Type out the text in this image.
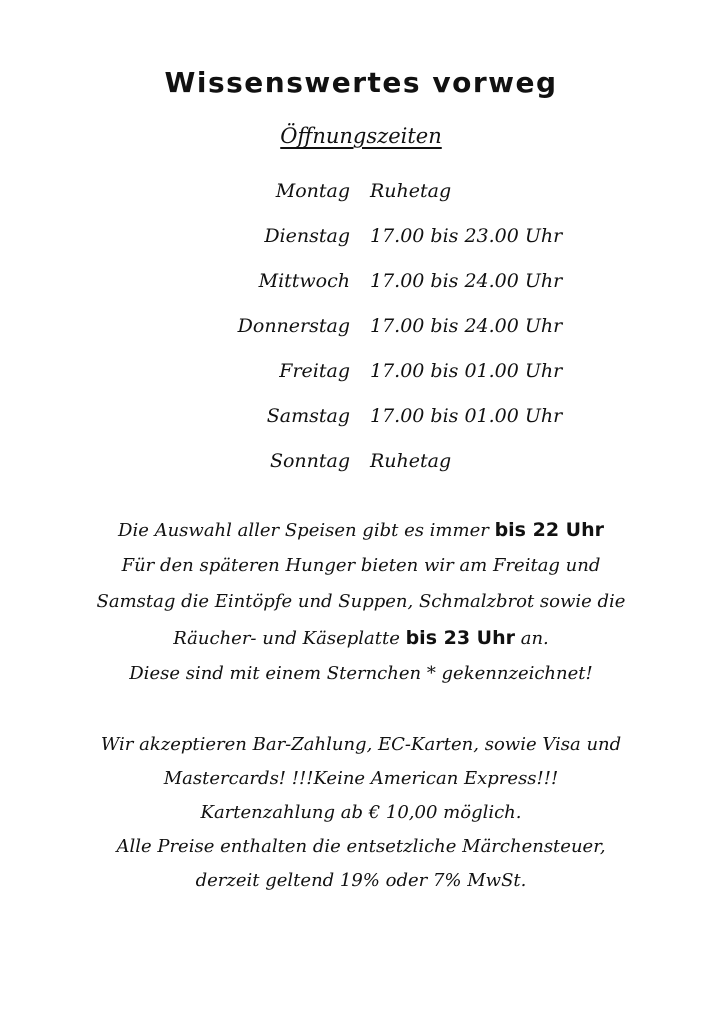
Wissenswertes vorweg
Öffnungszeiten
Montag Ruhetag
Dienstag 17.00 bis 23.00 Uhr
Mittwoch 17.00 bis 24.00 Uhr
Donnerstag 17.00 bis 24.00 Uhr
Freitag 17.00 bis 01.00 Uhr
Samstag 17.00 bis 01.00 Uhr
Sonntag Ruhetag
Die Auswahl aller Speisen gibt es immer bis 22 Uhr
Für den späteren Hunger bieten wir am Freitag und
Samstag die Eintöpfe und Suppen, Schmalzbrot sowie die
Räucher- und Käseplatte bis 23 Uhr an.
Diese sind mit einem Sternchen * gekennzeichnet!
Wir akzeptieren Bar-Zahlung, EC-Karten, sowie Visa und
Mastercards! !!!Keine American Express!!!
Kartenzahlung ab € 10,00 möglich.
Alle Preise enthalten die entsetzliche Märchensteuer,
derzeit geltend 19% oder 7% MwSt.
